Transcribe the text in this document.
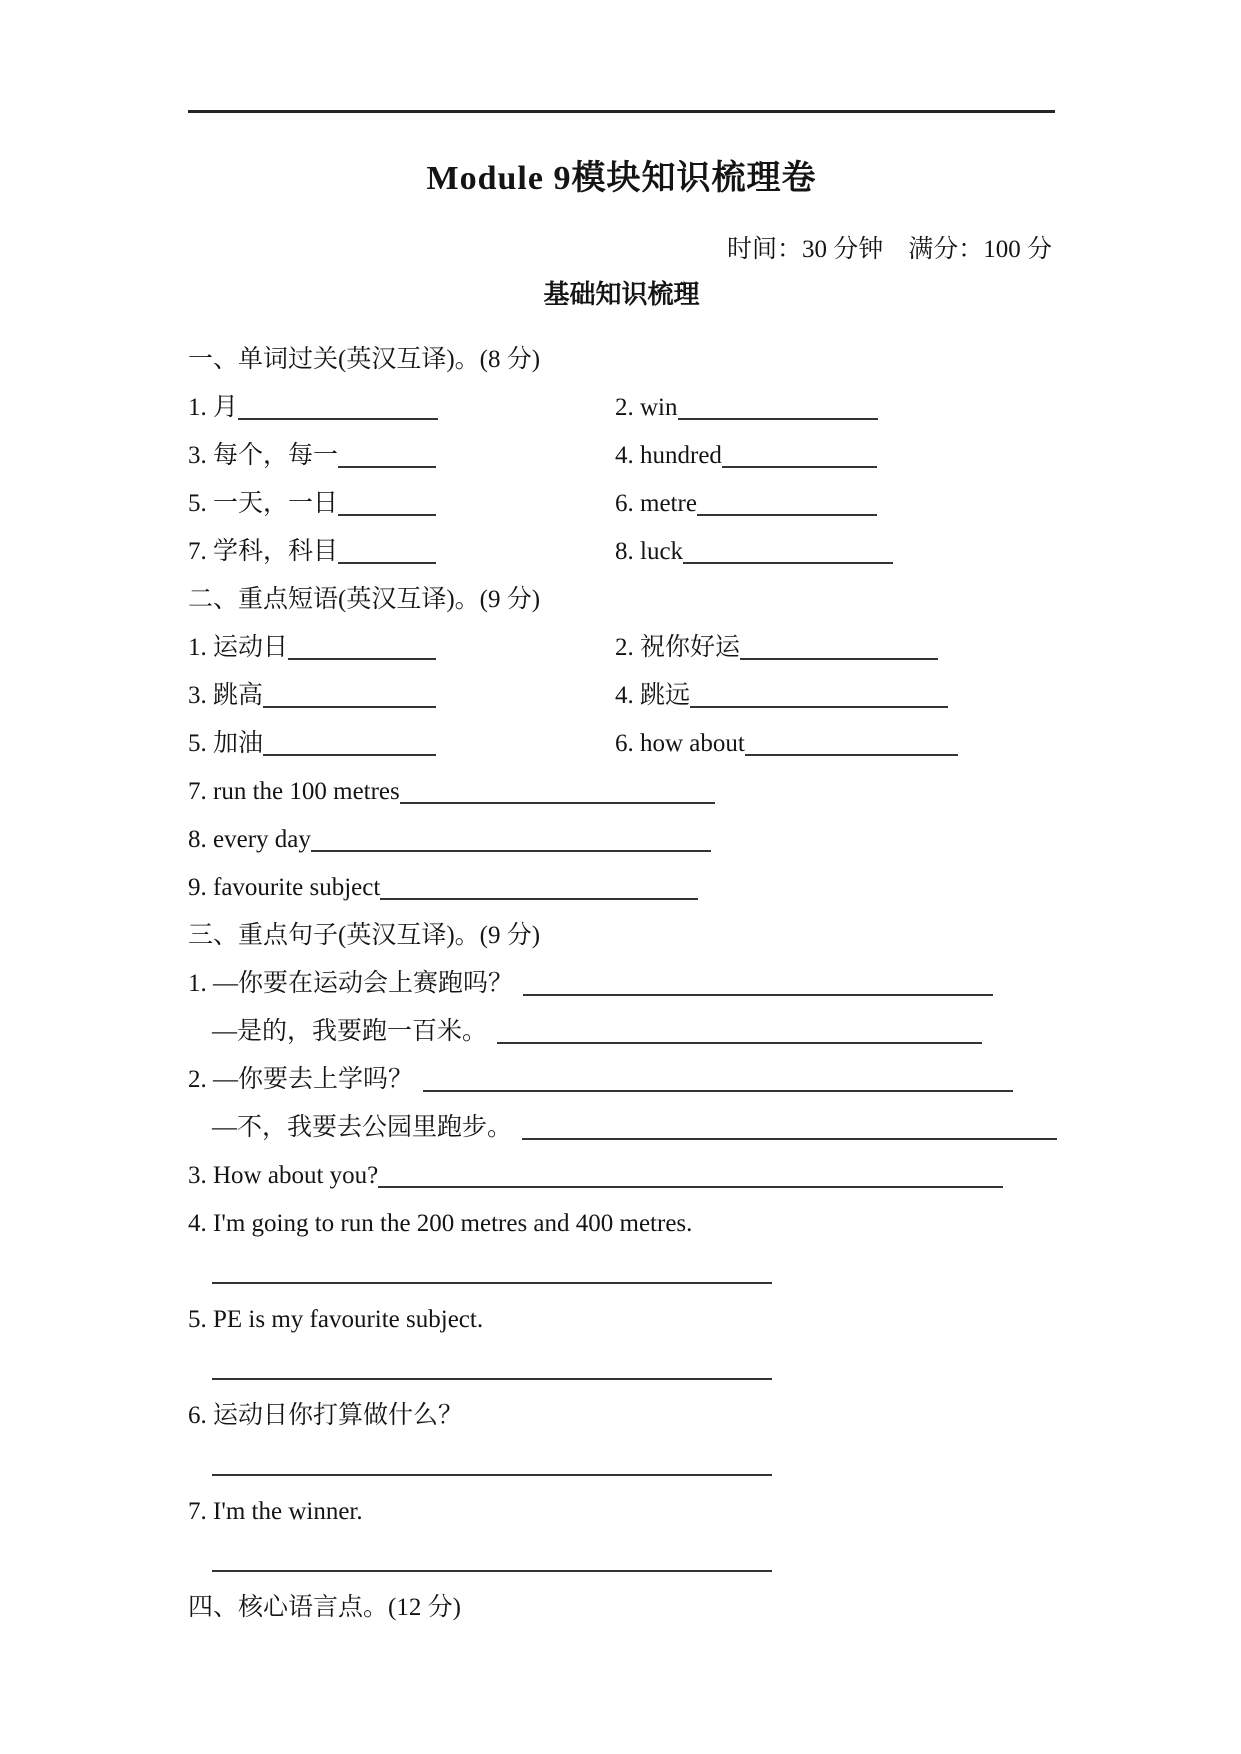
Module 9模块知识梳理卷
时间：30 分钟　满分：100 分
基础知识梳理
一、单词过关(英汉互译)。(8 分)
1. 月	2. win
3. 每个，每一	4. hundred
5. 一天，一日	6. metre
7. 学科，科目	8. luck
二、重点短语(英汉互译)。(9 分)
1. 运动日	2. 祝你好运
3. 跳高	4. 跳远
5. 加油	6. how about
7. run the 100 metres
8. every day
9. favourite subject
三、重点句子(英汉互译)。(9 分)
1. —你要在运动会上赛跑吗？
—是的，我要跑一百米。
2. —你要去上学吗？
—不，我要去公园里跑步。
3. How about you?
4. I'm going to run the 200 metres and 400 metres.
5. PE is my favourite subject.
6. 运动日你打算做什么？
7. I'm the winner.
四、核心语言点。(12 分)
